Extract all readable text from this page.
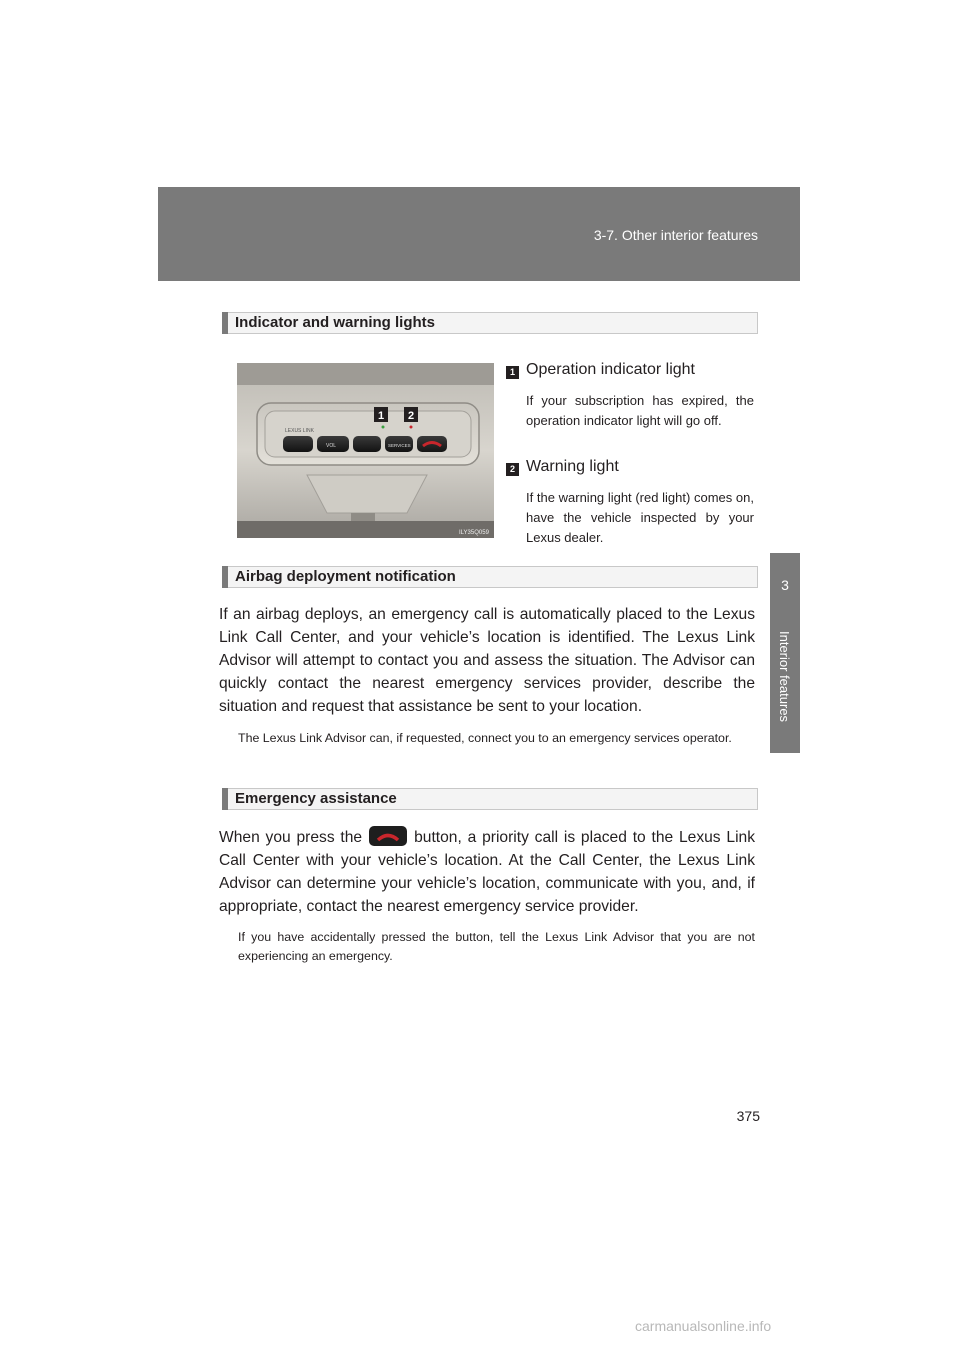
3-7. Other interior features
3
Interior features
Indicator and warning lights
LEXUS LINK
VOL	SERVICES
1 2
ILY35Q059
1 Operation indicator light
If your subscription has expired, the operation indicator light will go off.
2 Warning light
If the warning light (red light) comes on, have the vehicle inspected by your Lexus dealer.
Airbag deployment notification
If an airbag deploys, an emergency call is automatically placed to the Lexus Link Call Center, and your vehicle’s location is identified. The Lexus Link Advisor will attempt to contact you and assess the situation. The Advisor can quickly contact the nearest emergency services provider, describe the situation and request that assistance be sent to your location.
The Lexus Link Advisor can, if requested, connect you to an emergency services operator.
Emergency assistance
When you press the	button, a priority call is placed to the Lexus Link Call Center with your vehicle’s location. At the Call Center, the Lexus Link Advisor can determine your vehicle’s location, communicate with you, and, if appropriate, contact the nearest emergency service provider.
If you have accidentally pressed the button, tell the Lexus Link Advisor that you are not experiencing an emergency.
375
carmanualsonline.info
